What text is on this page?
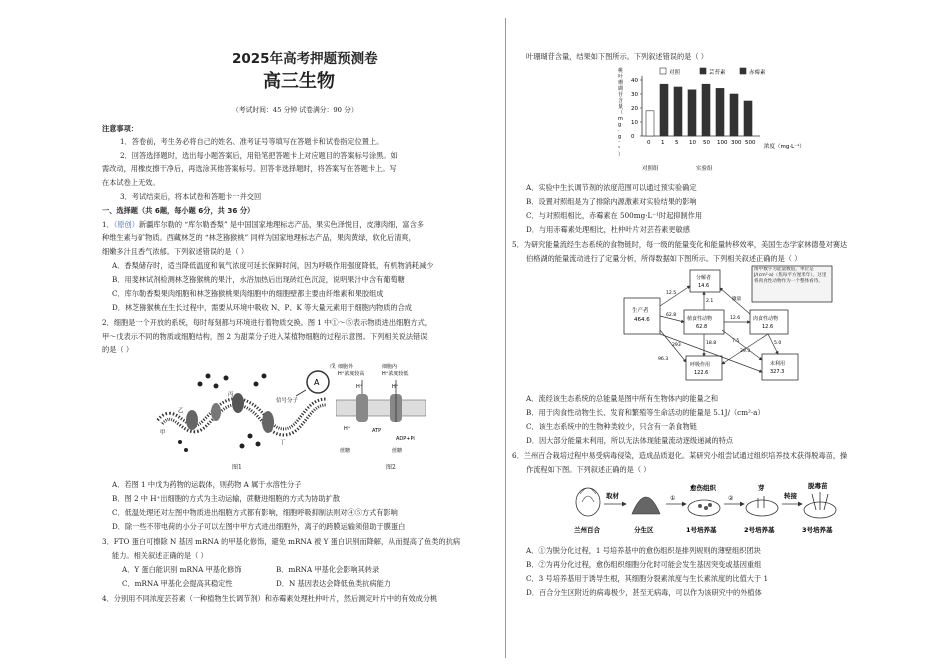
2025年高考押题预测卷
高三生物
（考试时间：45 分钟 试卷满分：90 分）
注意事项：
1．答卷前，考生务必将自己的姓名、准考证号等填写在答题卡和试卷指定位置上。
2．回答选择题时，选出每小题答案后，用铅笔把答题卡上对应题目的答案标号涂黑。如
需改动，用橡皮擦干净后，再选涂其他答案标号。回答非选择题时，将答案写在答题卡上。写
在本试卷上无效。
3．考试结束后，将本试卷和答题卡一并交回
一、选择题（共 6题，每小题 6分，共 36 分）
1．（原创）新疆库尔勒的 “库尔勒香梨” 是中国国家地理标志产品，果实色泽悦目，皮薄肉细，富含多
种维生素与矿物质。西藏林芝的 “林芝猕猴桃” 同样为国家地理标志产品，果肉黄绿，软化后清爽，
细嫩多汁且香气浓郁。下列叙述错误的是（ ）
A．香梨储存时，适当降低温度和氧气浓度可延长保鲜时间，因为呼吸作用强度降低，有机物消耗减少
B．用斐林试剂检测林芝猕猴桃的果汁，水浴加热后出现砖红色沉淀，说明果汁中含有葡萄糖
C．库尔勒香梨果肉细胞和林芝猕猴桃果肉细胞中的细胞壁都主要由纤维素和果胶组成
D．林芝猕猴桃在生长过程中，需要从环境中吸收 N、P、K 等大量元素用于细胞内物质的合成
2．细胞是一个开放的系统，每时每刻都与环境进行着物质交换。图 1 中①～⑤表示物质进出细胞方式，
甲～戊表示不同的物质或细胞结构，图 2 为甜菜分子进入某植物细胞的过程示意图。下列相关说法错误
的是（ ）
A
信号分子
甲
乙
丙
丁
戊
图1
细胞外
H⁺浓度较高
细胞内
H⁺浓度较低
H⁺	H⁺
H⁺	ATP
ADP+Pi
蔗糖	蔗糖
图2
A．若图 1 中戊为药物的运载体，则药物 A 属于水溶性分子
B．图 2 中 H⁺出细胞的方式为主动运输，蔗糖进细胞的方式为协助扩散
C．低温处理还对左图中物质进出细胞方式都有影响，细胞呼吸抑制法则对④⑤方式有影响
D．除一些不带电荷的小分子可以左图中甲方式进出细胞外，离子的跨膜运输须借助于膜蛋白
3．FTO 蛋白可擦除 N 基因 mRNA 的甲基化修饰，避免 mRNA 被 Y 蛋白识别而降解，从而提高了鱼类的抗病
能力。相关叙述正确的是（ ）
A．Y 蛋白能识别 mRNA 甲基化修饰	B．mRNA 甲基化会影响其转录
C．mRNA 甲基化会提高其稳定性	D．N 基因表达会降低鱼类抗病能力
4．分别用不同浓度芸苔素（一种植物生长调节剂）和赤霉素处理杜仲叶片，然后测定叶片中的有效成分桃
叶珊瑚苷含量，结果如下图所示。下列叙述错误的是（ ）
桃
叶
珊
瑚
苷
含
量
（
m
g
·
g
⁻
¹
）
0
10
20
30
40
0 1 5 10 50 100 300 500
对照	芸苔素	赤霉素
浓度（mg·L⁻¹）
对照组	实验组
A．实验中生长调节剂的浓度范围可以通过预实验确定
B．设置对照组是为了排除内源激素对实验结果的影响
C．与对照组相比，赤霉素在 500mg·L⁻¹时起抑制作用
D．与用赤霉素处理相比，杜仲叶片对芸苔素更敏感
5．为研究能量流经生态系统的食物链时，每一级的能量变化和能量转移效率，美国生态学家林德曼对赛达
伯格湖的能量流动进行了定量分析，所得数据如下图所示。下列相关叙述正确的是（ ）
生产者
464.6
分解者
14.6
植食性动物
62.8
肉食性动物
12.6
呼吸作用
122.6
未利用
327.3
图中数字为能量数值，单位是J/(cm²·a)（焦每平方厘米年）。这里将肉食性动物作为一个整体看待。
12.5
2.1	微量
62.8
12.6
7.5
18.8
29.3
293	5.0
96.3
A．流经该生态系统的总能量是图中所有生物体内的能量之和
B．用于肉食性动物生长、发育和繁殖等生命活动的能量是 5.1J/（cm²·a）
C．该生态系统中的生物种类较少，只含有一条食物链
D．因大部分能量未利用，所以无法体现能量流动逐级递减的特点
6．兰州百合栽培过程中易受病毒侵染，造成品质退化。某研究小组尝试通过组织培养技术获得脱毒苗，操
作流程如下图。下列叙述正确的是（ ）
兰州百合
取材
分生区
①
愈伤组织
1号培养基
②
芽
2号培养基
转接
脱毒苗
3号培养基
A．①为脱分化过程，1 号培养基中的愈伤组织是排列规则的薄壁组织团块
B．②为再分化过程，愈伤组织细胞分化时可能会发生基因突变或基因重组
C．3 号培养基用于诱导生根，其细胞分裂素浓度与生长素浓度的比值大于 1
D．百合分生区附近的病毒极少，甚至无病毒，可以作为该研究中的外植体
